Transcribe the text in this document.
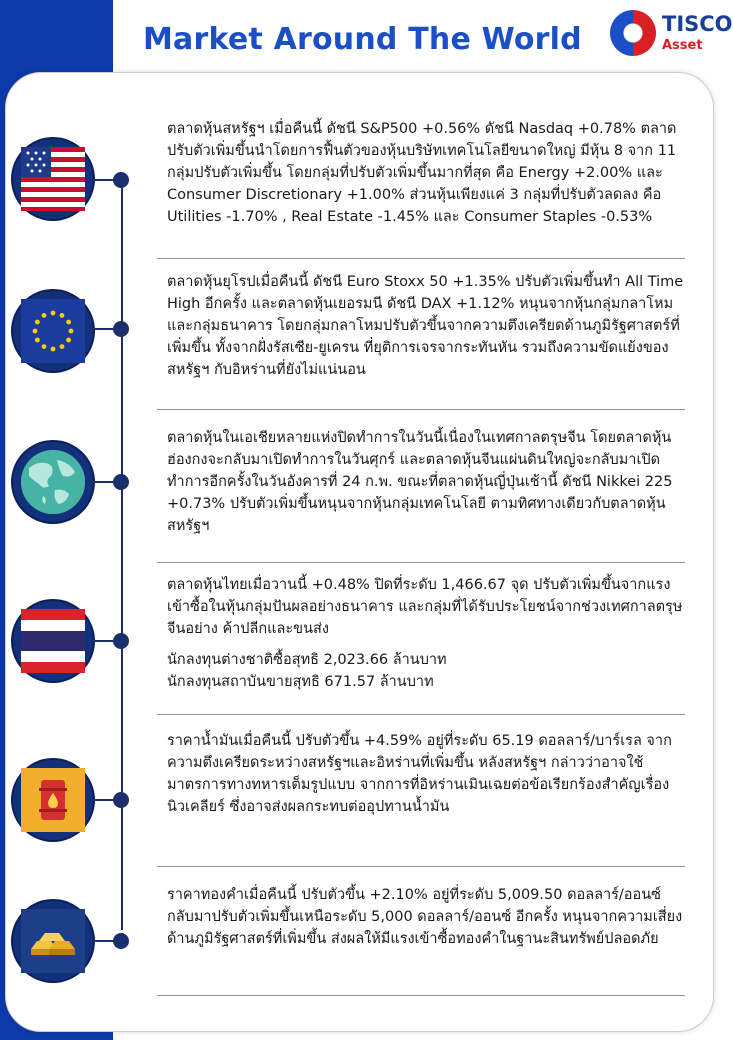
Market Around The World	TISCO
Asset

ตลาดหุ้นสหรัฐฯ เมื่อคืนนี้ ดัชนี S&P500 +0.56% ดัชนี Nasdaq +0.78% ตลาดปรับตัวเพิ่มขึ้นนำโดยการฟื้นตัวของหุ้นบริษัทเทคโนโลยีขนาดใหญ่ มีหุ้น 8 จาก 11 กลุ่มปรับตัวเพิ่มขึ้น โดยกลุ่มที่ปรับตัวเพิ่มขึ้นมากที่สุด คือ Energy +2.00% และ Consumer Discretionary +1.00% ส่วนหุ้นเพียงแค่ 3 กลุ่มที่ปรับตัวลดลง คือ Utilities -1.70% , Real Estate -1.45% และ Consumer Staples -0.53%

ตลาดหุ้นยุโรปเมื่อคืนนี้ ดัชนี Euro Stoxx 50 +1.35% ปรับตัวเพิ่มขึ้นทำ All Time High อีกครั้ง และตลาดหุ้นเยอรมนี ดัชนี DAX +1.12% หนุนจากหุ้นกลุ่มกลาโหมและกลุ่มธนาคาร โดยกลุ่มกลาโหมปรับตัวขึ้นจากความตึงเครียดด้านภูมิรัฐศาสตร์ที่เพิ่มขึ้น ทั้งจากฝั่งรัสเซีย-ยูเครน ที่ยุติการเจรจากระทันหัน รวมถึงความขัดแย้งของสหรัฐฯ กับอิหร่านที่ยังไม่แน่นอน

ตลาดหุ้นในเอเชียหลายแห่งปิดทำการในวันนี้เนื่องในเทศกาลตรุษจีน โดยตลาดหุ้นฮ่องกงจะกลับมาเปิดทำการในวันศุกร์ และตลาดหุ้นจีนแผ่นดินใหญ่จะกลับมาเปิดทำการอีกครั้งในวันอังคารที่ 24 ก.พ. ขณะที่ตลาดหุ้นญี่ปุ่นเช้านี้ ดัชนี Nikkei 225 +0.73% ปรับตัวเพิ่มขึ้นหนุนจากหุ้นกลุ่มเทคโนโลยี ตามทิศทางเดียวกับตลาดหุ้นสหรัฐฯ

ตลาดหุ้นไทยเมื่อวานนี้ +0.48% ปิดที่ระดับ 1,466.67 จุด ปรับตัวเพิ่มขึ้นจากแรงเข้าซื้อในหุ้นกลุ่มปันผลอย่างธนาคาร และกลุ่มที่ได้รับประโยชน์จากช่วงเทศกาลตรุษจีนอย่าง ค้าปลีกและขนส่ง

นักลงทุนต่างชาติซื้อสุทธิ 2,023.66 ล้านบาท

นักลงทุนสถาบันขายสุทธิ 671.57 ล้านบาท

ราคาน้ำมันเมื่อคืนนี้ ปรับตัวขึ้น +4.59% อยู่ที่ระดับ 65.19 ดอลลาร์/บาร์เรล จากความตึงเครียดระหว่างสหรัฐฯและอิหร่านที่เพิ่มขึ้น หลังสหรัฐฯ กล่าวว่าอาจใช้มาตรการทางทหารเต็มรูปแบบ จากการที่อิหร่านเมินเฉยต่อข้อเรียกร้องสำคัญเรื่องนิวเคลียร์ ซึ่งอาจส่งผลกระทบต่ออุปทานน้ำมัน

ราคาทองคำเมื่อคืนนี้ ปรับตัวขึ้น +2.10% อยู่ที่ระดับ 5,009.50 ดอลลาร์/ออนซ์ กลับมาปรับตัวเพิ่มขึ้นเหนือระดับ 5,000 ดอลลาร์/ออนซ์ อีกครั้ง หนุนจากความเสี่ยงด้านภูมิรัฐศาสตร์ที่เพิ่มขึ้น ส่งผลให้มีแรงเข้าซื้อทองคำในฐานะสินทรัพย์ปลอดภัย
